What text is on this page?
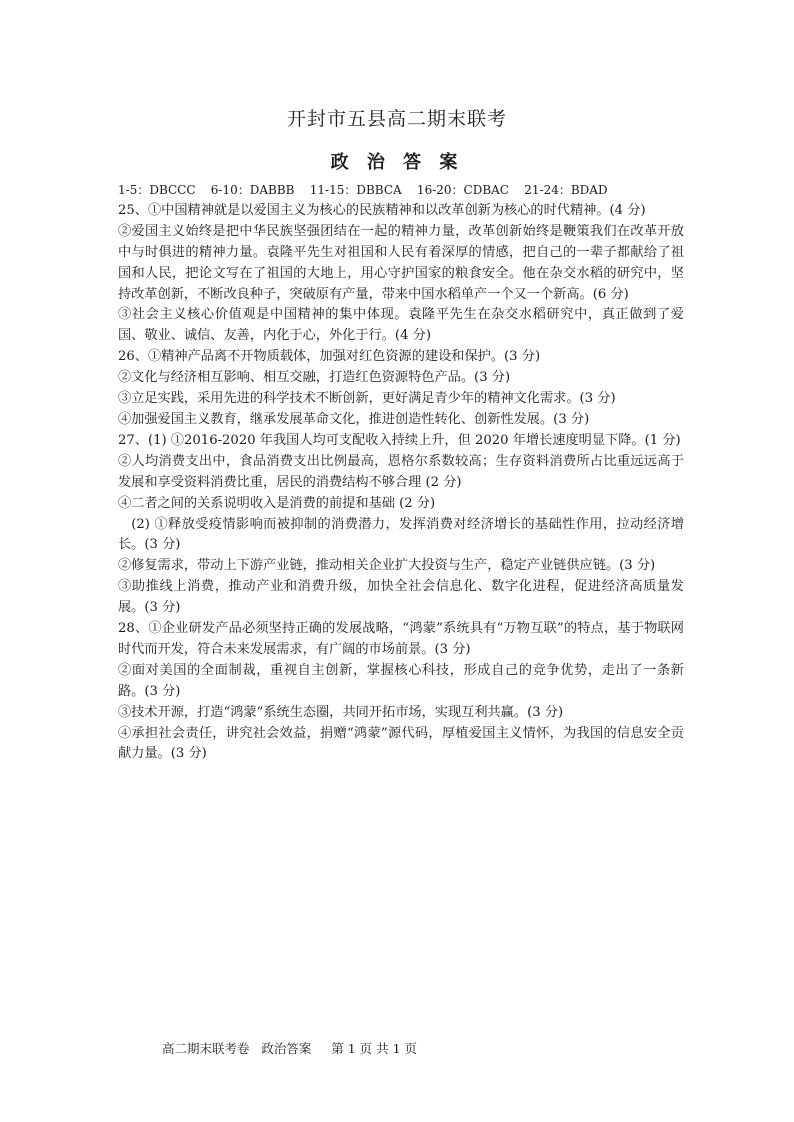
开封市五县高二期末联考
政 治 答 案

1-5：DBCCC    6-10：DABBB    11-15：DBBCA    16-20：CDBAC    21-24：BDAD

25、①中国精神就是以爱国主义为核心的民族精神和以改革创新为核心的时代精神。(4 分)

②爱国主义始终是把中华民族坚强团结在一起的精神力量，改革创新始终是鞭策我们在改革开放中与时俱进的精神力量。袁隆平先生对祖国和人民有着深厚的情感，把自己的一辈子都献给了祖国和人民，把论文写在了祖国的大地上，用心守护国家的粮食安全。他在杂交水稻的研究中，坚持改革创新，不断改良种子，突破原有产量，带来中国水稻单产一个又一个新高。(6 分)

③社会主义核心价值观是中国精神的集中体现。袁隆平先生在杂交水稻研究中，真正做到了爱国、敬业、诚信、友善，内化于心，外化于行。(4 分)

26、①精神产品离不开物质载体，加强对红色资源的建设和保护。(3 分)

②文化与经济相互影响、相互交融，打造红色资源特色产品。(3 分)

③立足实践，采用先进的科学技术不断创新，更好满足青少年的精神文化需求。(3 分)

④加强爱国主义教育，继承发展革命文化，推进创造性转化、创新性发展。(3 分)

27、(1) ①2016-2020 年我国人均可支配收入持续上升，但 2020 年增长速度明显下降。(1 分)

②人均消费支出中，食品消费支出比例最高，恩格尔系数较高；生存资料消费所占比重远远高于发展和享受资料消费比重，居民的消费结构不够合理 (2 分)

④二者之间的关系说明收入是消费的前提和基础 (2 分)

(2) ①释放受疫情影响而被抑制的消费潜力，发挥消费对经济增长的基础性作用，拉动经济增长。(3 分)

②修复需求，带动上下游产业链，推动相关企业扩大投资与生产，稳定产业链供应链。(3 分)

③助推线上消费，推动产业和消费升级，加快全社会信息化、数字化进程，促进经济高质量发展。(3 分)

28、①企业研发产品必须坚持正确的发展战略，“鸿蒙”系统具有“万物互联”的特点，基于物联网时代而开发，符合未来发展需求，有广阔的市场前景。(3 分)

②面对美国的全面制裁，重视自主创新，掌握核心科技，形成自己的竞争优势，走出了一条新路。(3 分)

③技术开源，打造“鸿蒙”系统生态圈，共同开拓市场，实现互利共赢。(3 分)

④承担社会责任，讲究社会效益，捐赠“鸿蒙”源代码，厚植爱国主义情怀，为我国的信息安全贡献力量。(3 分)

高二期末联考卷   政治答案     第 1 页 共 1 页
